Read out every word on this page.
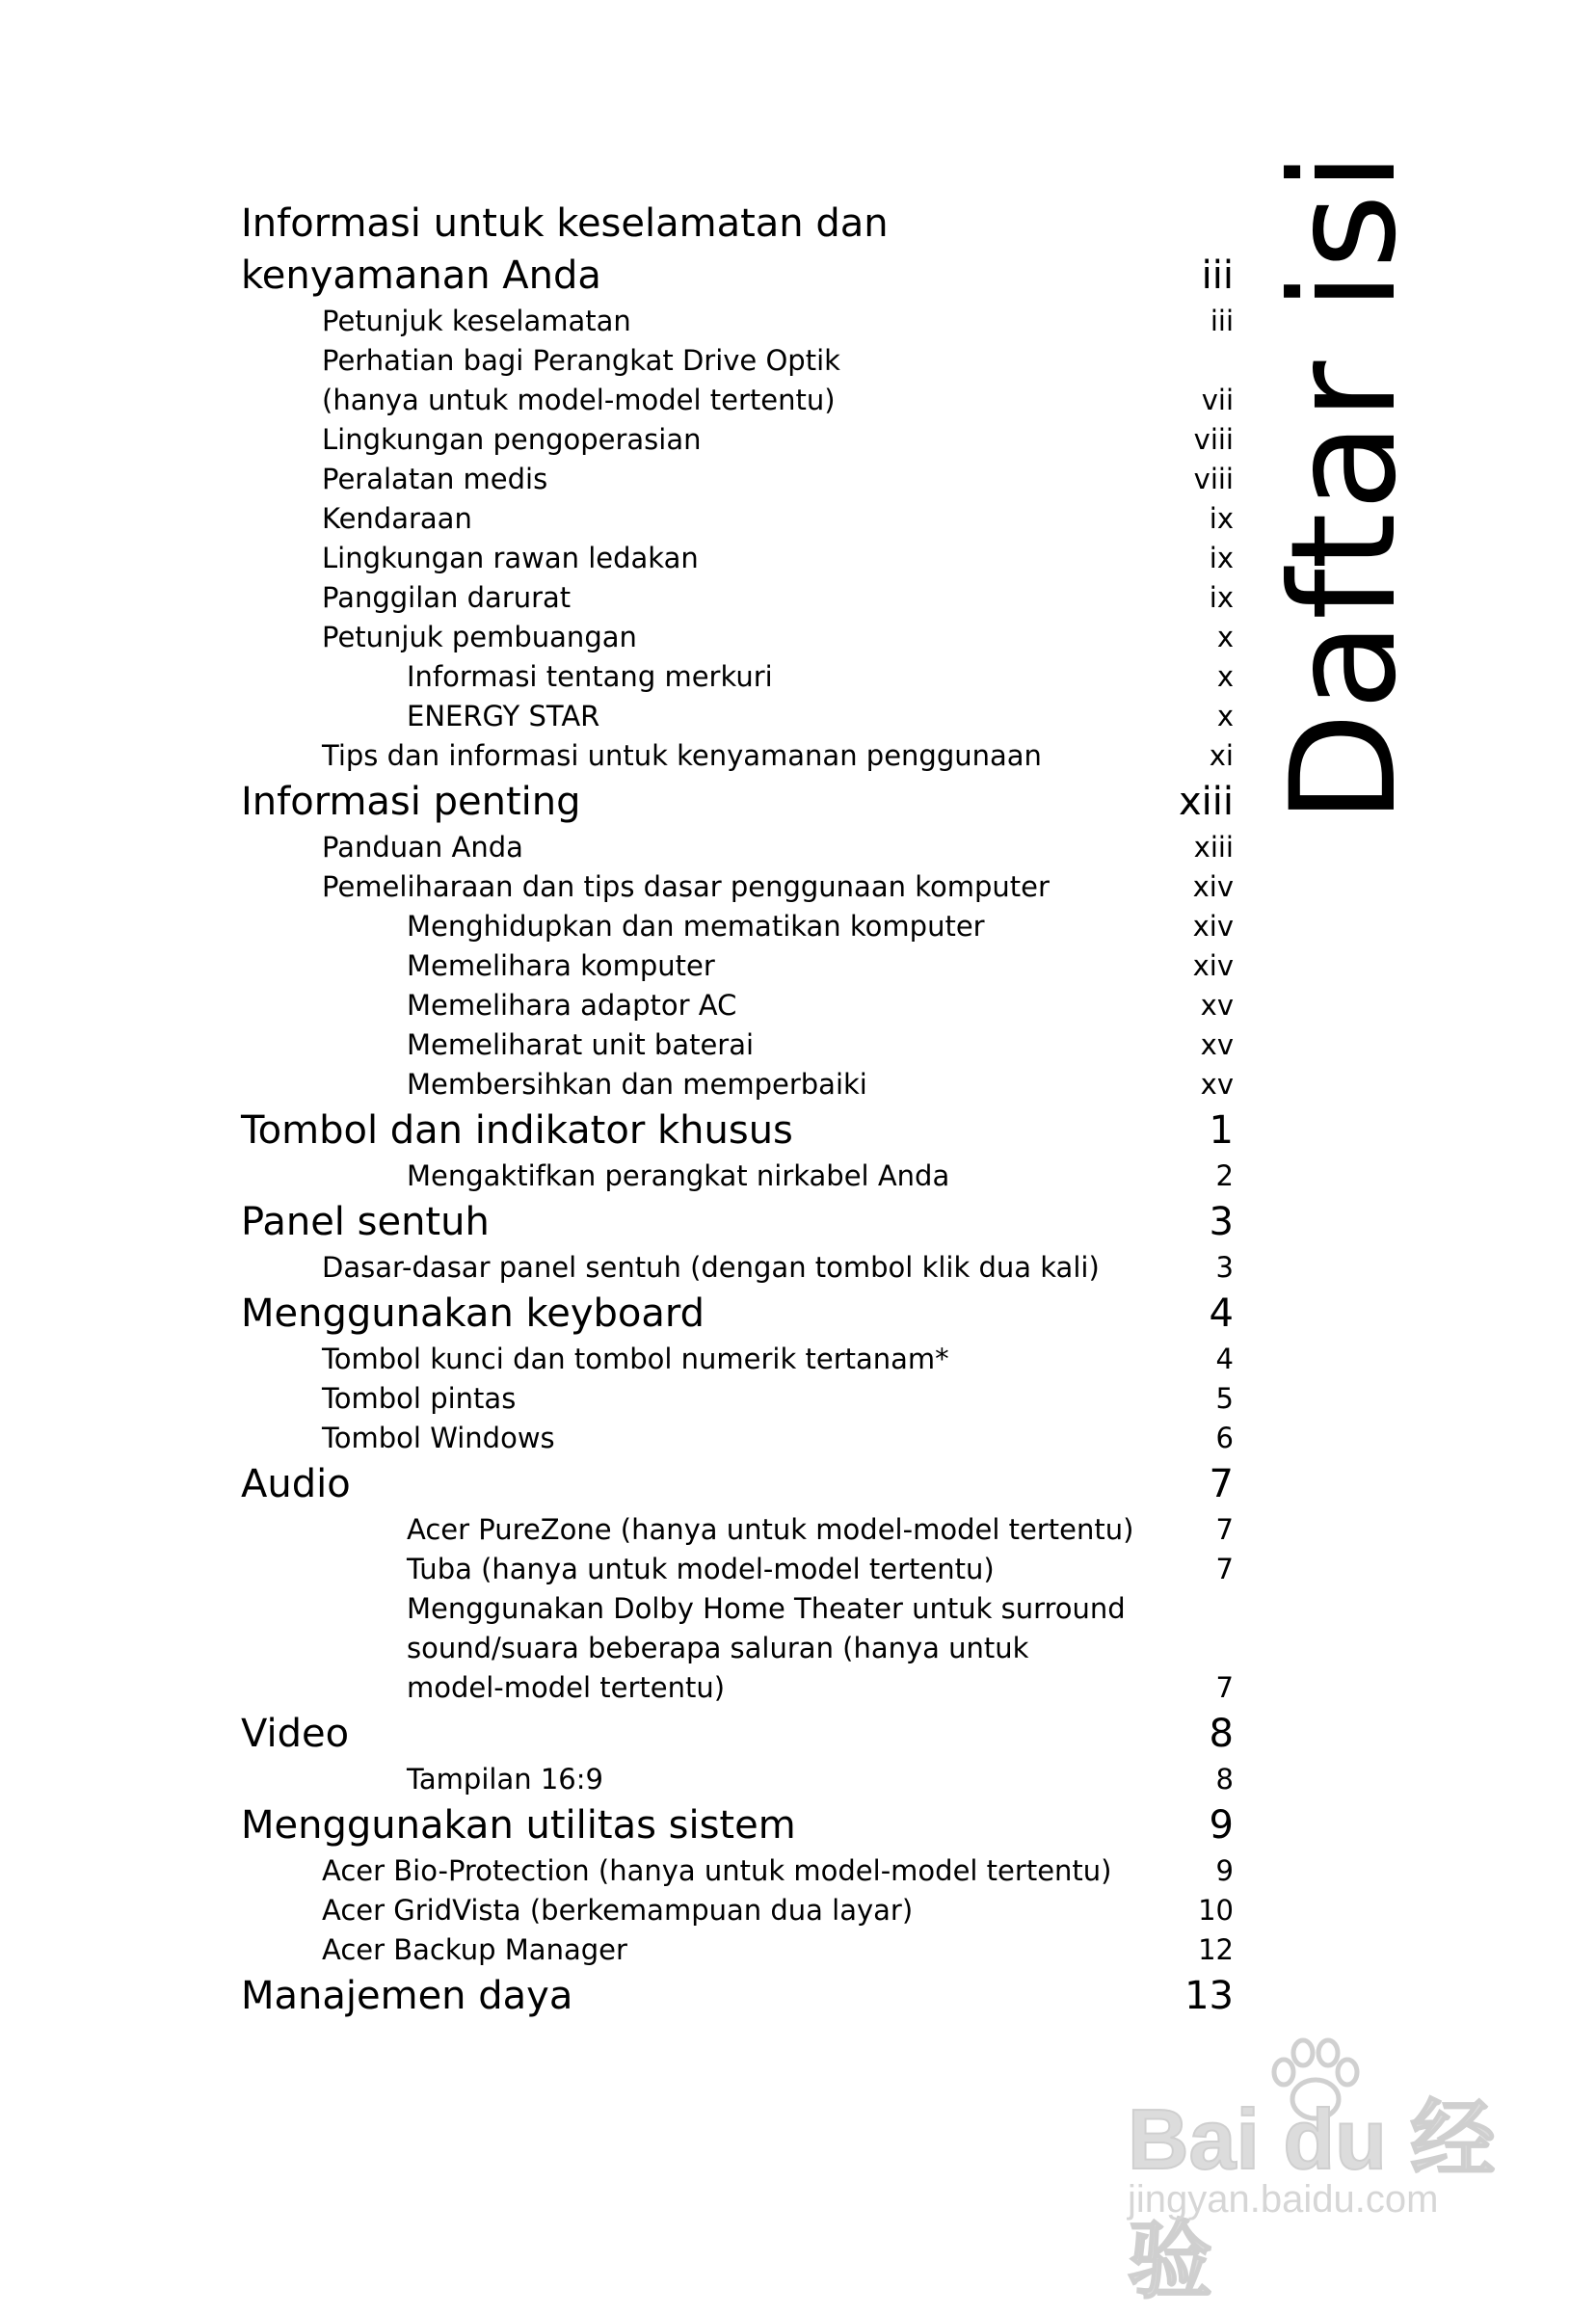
Informasi untuk keselamatan dan
kenyamanan Anda	iii
Petunjuk keselamatan	iii
Perhatian bagi Perangkat Drive Optik
(hanya untuk model-model tertentu)	vii
Lingkungan pengoperasian	viii
Peralatan medis	viii
Kendaraan	ix
Lingkungan rawan ledakan	ix
Panggilan darurat	ix
Petunjuk pembuangan	x
Informasi tentang merkuri	x
ENERGY STAR	x
Tips dan informasi untuk kenyamanan penggunaan	xi
Informasi penting	xiii
Panduan Anda	xiii
Pemeliharaan dan tips dasar penggunaan komputer	xiv
Menghidupkan dan mematikan komputer	xiv
Memelihara komputer	xiv
Memelihara adaptor AC	xv
Memeliharat unit baterai	xv
Membersihkan dan memperbaiki	xv
Tombol dan indikator khusus	1
Mengaktifkan perangkat nirkabel Anda	2
Panel sentuh	3
Dasar-dasar panel sentuh (dengan tombol klik dua kali)	3
Menggunakan keyboard	4
Tombol kunci dan tombol numerik tertanam*	4
Tombol pintas	5
Tombol Windows	6
Audio	7
Acer PureZone (hanya untuk model-model tertentu)	7
Tuba (hanya untuk model-model tertentu)	7
Menggunakan Dolby Home Theater untuk surround
sound/suara beberapa saluran (hanya untuk
model-model tertentu)	7
Video	8
Tampilan 16:9	8
Menggunakan utilitas sistem	9
Acer Bio-Protection (hanya untuk model-model tertentu)	9
Acer GridVista (berkemampuan dua layar)	10
Acer Backup Manager	12
Manajemen daya	13
Daftar isi
Bai du 经验
jingyan.baidu.com
